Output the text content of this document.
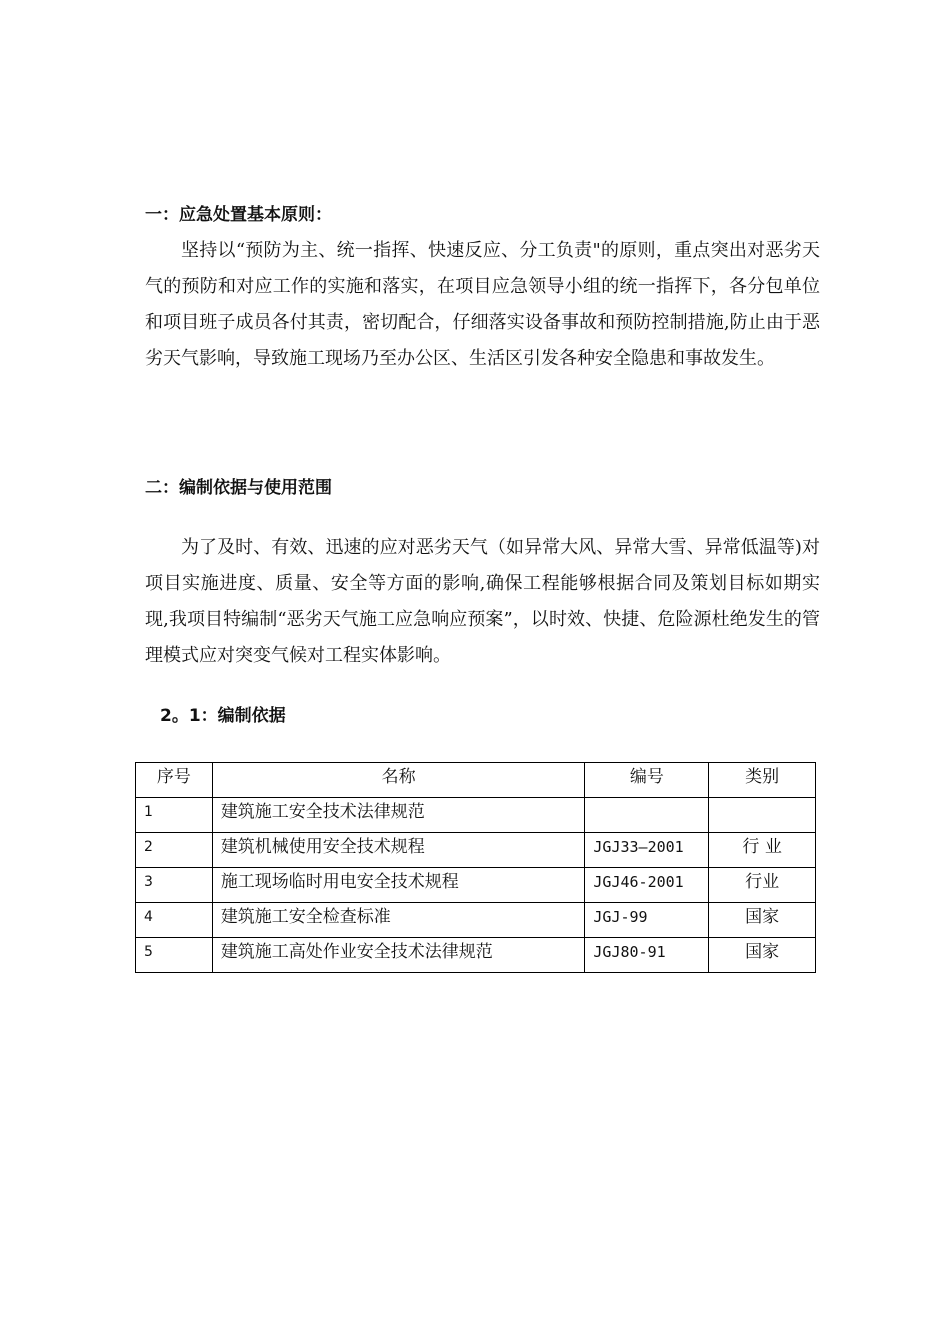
一：应急处置基本原则：
坚持以“预防为主、统一指挥、快速反应、分工负责"的原则，重点突出对恶劣天气的预防和对应工作的实施和落实，在项目应急领导小组的统一指挥下，各分包单位和项目班子成员各付其责，密切配合，仔细落实设备事故和预防控制措施,防止由于恶劣天气影响，导致施工现场乃至办公区、生活区引发各种安全隐患和事故发生。
二：编制依据与使用范围
为了及时、有效、迅速的应对恶劣天气（如异常大风、异常大雪、异常低温等)对项目实施进度、质量、安全等方面的影响,确保工程能够根据合同及策划目标如期实现,我项目特编制“恶劣天气施工应急响应预案”，以时效、快捷、危险源杜绝发生的管理模式应对突变气候对工程实体影响。
2。1：编制依据
序号	名称	编号	类别
1	建筑施工安全技术法律规范		
2	建筑机械使用安全技术规程	JGJ33—2001	行 业
3	施工现场临时用电安全技术规程	JGJ46-2001	行业
4	建筑施工安全检查标准	JGJ-99	国家
5	建筑施工高处作业安全技术法律规范	JGJ80-91	国家
